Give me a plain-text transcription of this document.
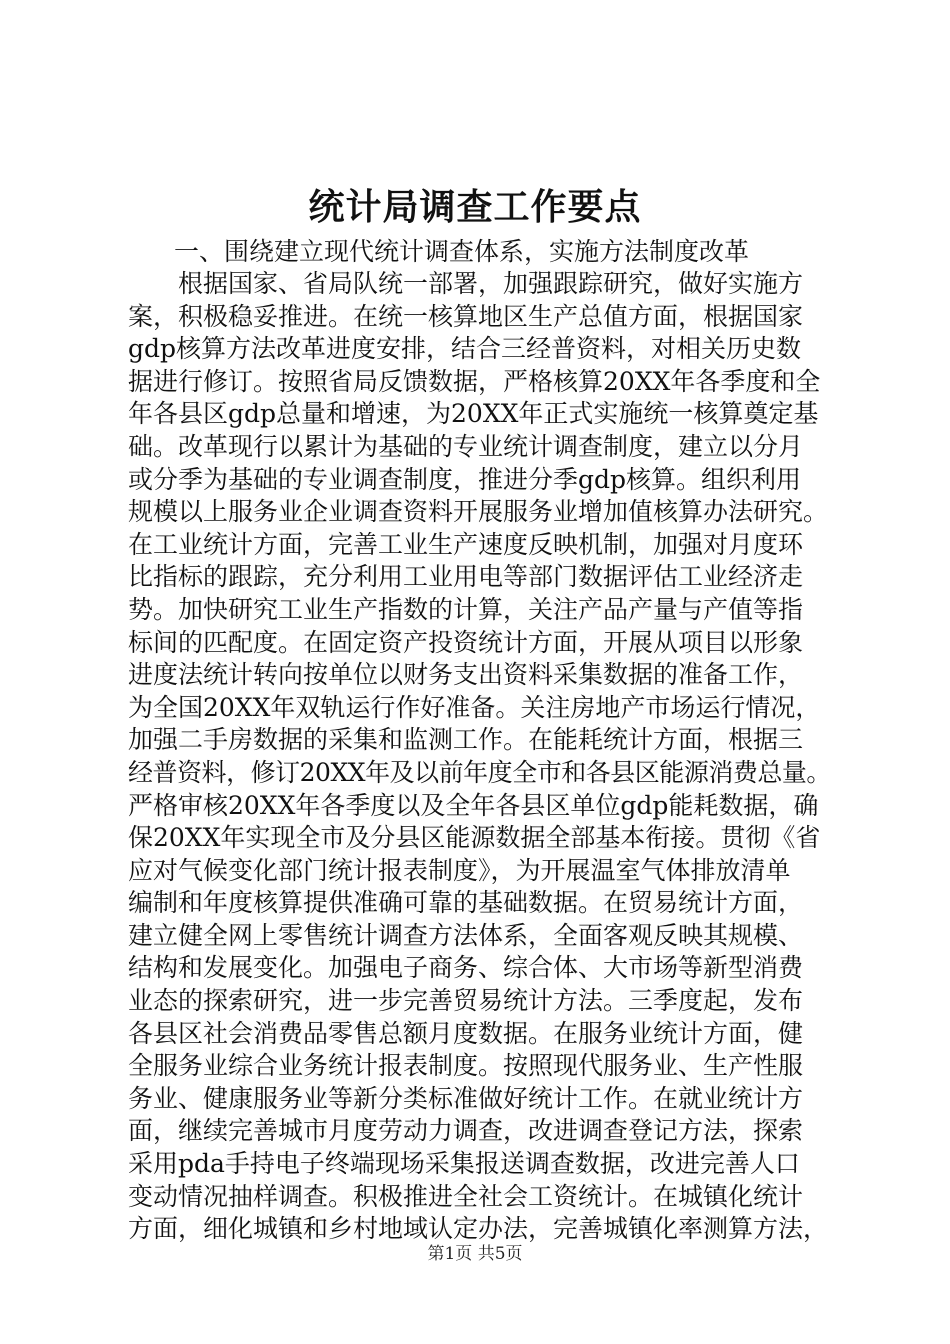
统计局调查工作要点
一、围绕建立现代统计调查体系，实施方法制度改革
　　根据国家、省局队统一部署，加强跟踪研究，做好实施方
案，积极稳妥推进。在统一核算地区生产总值方面，根据国家
gdp核算方法改革进度安排，结合三经普资料，对相关历史数
据进行修订。按照省局反馈数据，严格核算20XX年各季度和全
年各县区gdp总量和增速，为20XX年正式实施统一核算奠定基
础。改革现行以累计为基础的专业统计调查制度，建立以分月
或分季为基础的专业调查制度，推进分季gdp核算。组织利用
规模以上服务业企业调查资料开展服务业增加值核算办法研究。
在工业统计方面，完善工业生产速度反映机制，加强对月度环
比指标的跟踪，充分利用工业用电等部门数据评估工业经济走
势。加快研究工业生产指数的计算，关注产品产量与产值等指
标间的匹配度。在固定资产投资统计方面，开展从项目以形象
进度法统计转向按单位以财务支出资料采集数据的准备工作，
为全国20XX年双轨运行作好准备。关注房地产市场运行情况，
加强二手房数据的采集和监测工作。在能耗统计方面，根据三
经普资料，修订20XX年及以前年度全市和各县区能源消费总量。
严格审核20XX年各季度以及全年各县区单位gdp能耗数据，确
保20XX年实现全市及分县区能源数据全部基本衔接。贯彻《省
应对气候变化部门统计报表制度》，为开展温室气体排放清单
编制和年度核算提供准确可靠的基础数据。在贸易统计方面，
建立健全网上零售统计调查方法体系，全面客观反映其规模、
结构和发展变化。加强电子商务、综合体、大市场等新型消费
业态的探索研究，进一步完善贸易统计方法。三季度起，发布
各县区社会消费品零售总额月度数据。在服务业统计方面，健
全服务业综合业务统计报表制度。按照现代服务业、生产性服
务业、健康服务业等新分类标准做好统计工作。在就业统计方
面，继续完善城市月度劳动力调查，改进调查登记方法，探索
采用pda手持电子终端现场采集报送调查数据，改进完善人口
变动情况抽样调查。积极推进全社会工资统计。在城镇化统计
方面，细化城镇和乡村地域认定办法，完善城镇化率测算方法，
第1页 共5页
